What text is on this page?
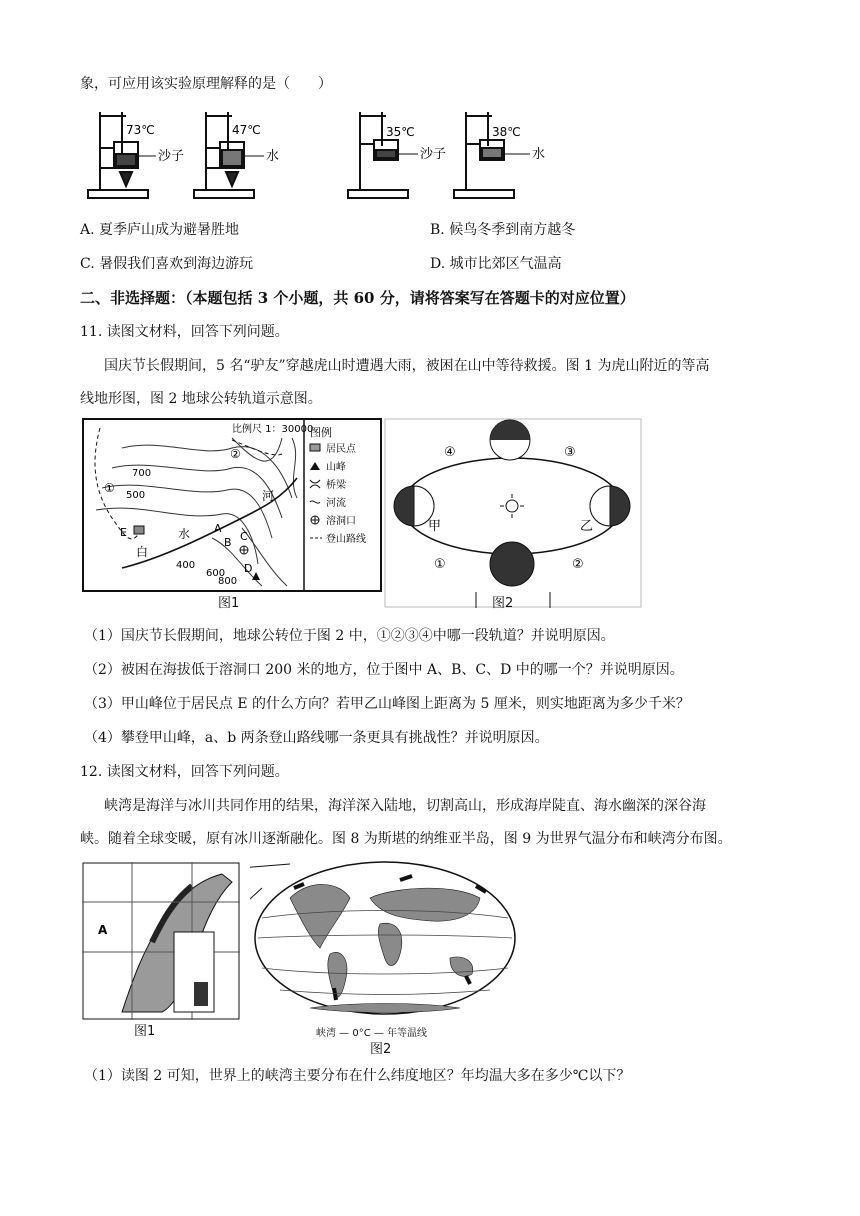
象，可应用该实验原理解释的是（　　）
73℃
沙子
47℃
水
35℃
沙子
38℃
水
A. 夏季庐山成为避暑胜地	B. 候鸟冬季到南方越冬
C. 暑假我们喜欢到海边游玩	D. 城市比郊区气温高
二、非选择题：（本题包括 3 个小题，共 60 分，请将答案写在答题卡的对应位置）
11. 读图文材料，回答下列问题。
国庆节长假期间，5 名“驴友”穿越虎山时遭遇大雨，被困在山中等待救援。图 1 为虎山附近的等高
线地形图，图 2 地球公转轨道示意图。
比例尺 1：30000
700
500
400
600
800
白
水
河
A
B C
D
E
①
②
图例
居民点
山峰
桥梁
河流
溶洞口
登山路线
图1
④	③
①	②
甲	乙
图2
（1）国庆节长假期间，地球公转位于图 2 中，①②③④中哪一段轨道？并说明原因。
（2）被困在海拔低于溶洞口 200 米的地方，位于图中 A、B、C、D 中的哪一个？并说明原因。
（3）甲山峰位于居民点 E 的什么方向？若甲乙山峰图上距离为 5 厘米，则实地距离为多少千米？
（4）攀登甲山峰，a、b 两条登山路线哪一条更具有挑战性？并说明原因。
12. 读图文材料，回答下列问题。
峡湾是海洋与冰川共同作用的结果，海洋深入陆地，切割高山，形成海岸陡直、海水幽深的深谷海
峡。随着全球变暖，原有冰川逐渐融化。图 8 为斯堪的纳维亚半岛，图 9 为世界气温分布和峡湾分布图。
A
图1	峡湾 — 0°C — 年等温线
图2
（1）读图 2 可知，世界上的峡湾主要分布在什么纬度地区？年均温大多在多少℃以下？
